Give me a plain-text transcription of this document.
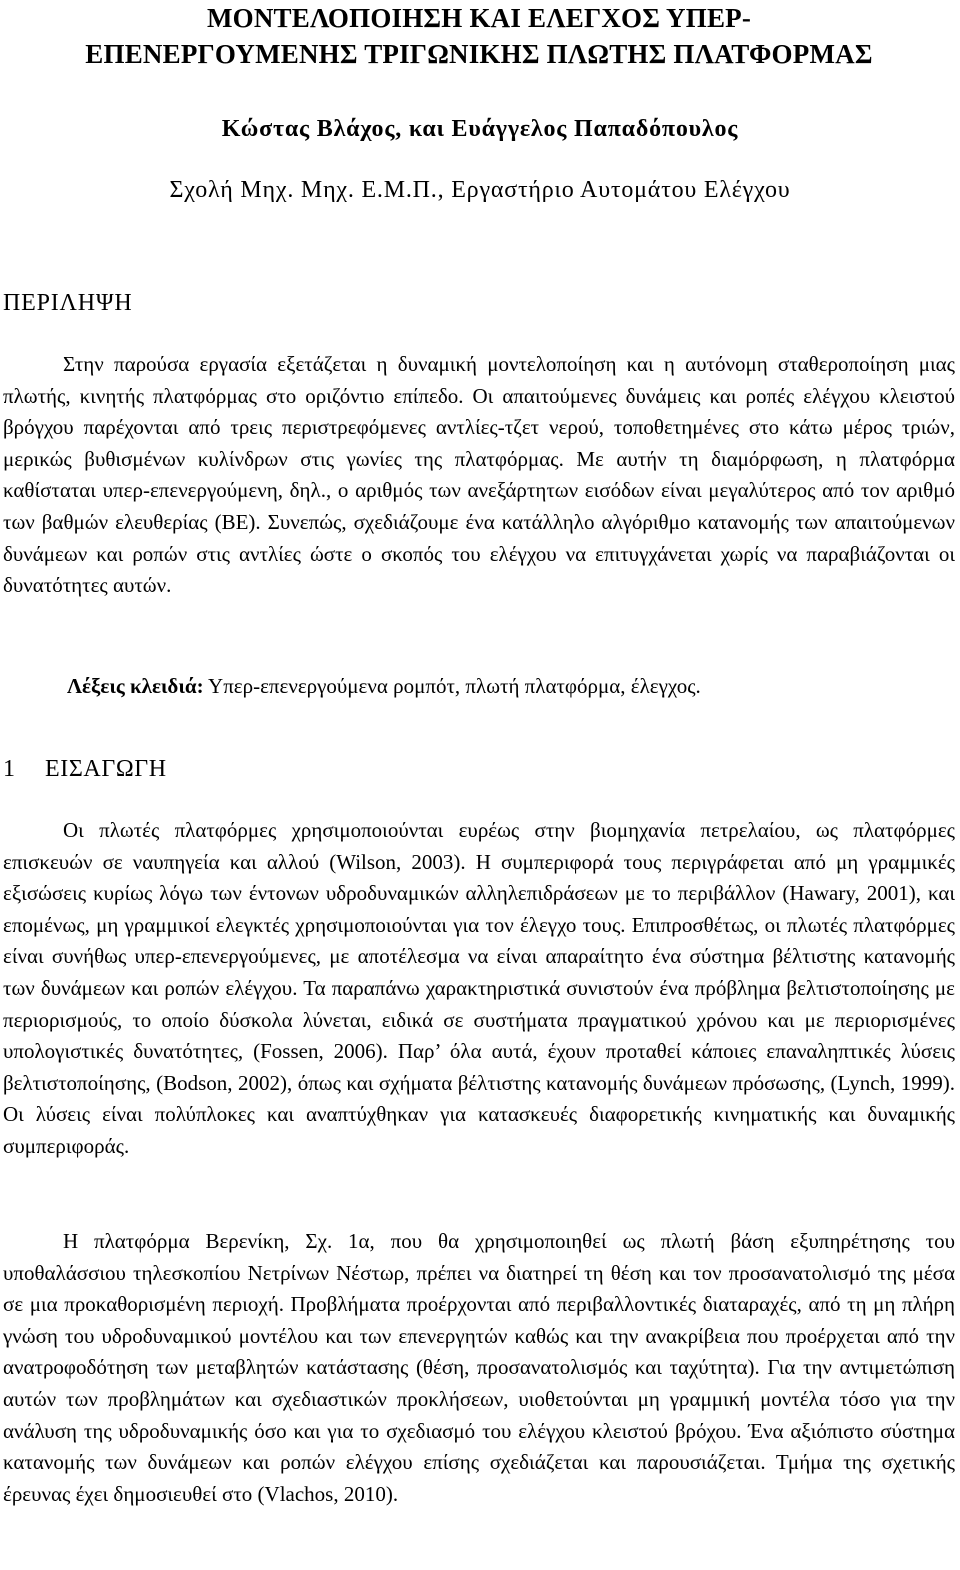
ΜΟΝΤΕΛΟΠΟΙΗΣΗ ΚΑΙ ΕΛΕΓΧΟΣ ΥΠΕΡ-
ΕΠΕΝΕΡΓΟΥΜΕΝΗΣ ΤΡΙΓΩΝΙΚΗΣ ΠΛΩΤΗΣ ΠΛΑΤΦΟΡΜΑΣ

Κώστας Βλάχος, και Ευάγγελος Παπαδόπουλος

Σχολή Μηχ. Μηχ. Ε.Μ.Π., Εργαστήριο Αυτομάτου Ελέγχου

ΠΕΡΙΛΗΨΗ

Στην παρούσα εργασία εξετάζεται η δυναμική μοντελοποίηση και η αυτόνομη σταθεροποίηση μιας πλωτής, κινητής πλατφόρμας στο οριζόντιο επίπεδο. Οι απαιτούμενες δυνάμεις και ροπές ελέγχου κλειστού βρόγχου παρέχονται από τρεις περιστρεφόμενες αντλίες-τζετ νερού, τοποθετημένες στο κάτω μέρος τριών, μερικώς βυθισμένων κυλίνδρων στις γωνίες της πλατφόρμας. Με αυτήν τη διαμόρφωση, η πλατφόρμα καθίσταται υπερ-επενεργούμενη, δηλ., ο αριθμός των ανεξάρτητων εισόδων είναι μεγαλύτερος από τον αριθμό των βαθμών ελευθερίας (ΒΕ). Συνεπώς, σχεδιάζουμε ένα κατάλληλο αλγόριθμο κατανομής των απαιτούμενων δυνάμεων και ροπών στις αντλίες ώστε ο σκοπός του ελέγχου να επιτυγχάνεται χωρίς να παραβιάζονται οι δυνατότητες αυτών.

Λέξεις κλειδιά: Υπερ-επενεργούμενα ρομπότ, πλωτή πλατφόρμα, έλεγχος.

1 ΕΙΣΑΓΩΓΗ

Οι πλωτές πλατφόρμες χρησιμοποιούνται ευρέως στην βιομηχανία πετρελαίου, ως πλατφόρμες επισκευών σε ναυπηγεία και αλλού (Wilson, 2003). Η συμπεριφορά τους περιγράφεται από μη γραμμικές εξισώσεις κυρίως λόγω των έντονων υδροδυναμικών αλληλεπιδράσεων με το περιβάλλον (Hawary, 2001), και επομένως, μη γραμμικοί ελεγκτές χρησιμοποιούνται για τον έλεγχο τους. Επιπροσθέτως, οι πλωτές πλατφόρμες είναι συνήθως υπερ-επενεργούμενες, με αποτέλεσμα να είναι απαραίτητο ένα σύστημα βέλτιστης κατανομής των δυνάμεων και ροπών ελέγχου. Τα παραπάνω χαρακτηριστικά συνιστούν ένα πρόβλημα βελτιστοποίησης με περιορισμούς, το οποίο δύσκολα λύνεται, ειδικά σε συστήματα πραγματικού χρόνου και με περιορισμένες υπολογιστικές δυνατότητες, (Fossen, 2006). Παρ’ όλα αυτά, έχουν προταθεί κάποιες επαναληπτικές λύσεις βελτιστοποίησης, (Bodson, 2002), όπως και σχήματα βέλτιστης κατανομής δυνάμεων πρόσωσης, (Lynch, 1999). Οι λύσεις είναι πολύπλοκες και αναπτύχθηκαν για κατασκευές διαφορετικής κινηματικής και δυναμικής συμπεριφοράς.

Η πλατφόρμα Βερενίκη, Σχ. 1α, που θα χρησιμοποιηθεί ως πλωτή βάση εξυπηρέτησης του υποθαλάσσιου τηλεσκοπίου Νετρίνων Νέστωρ, πρέπει να διατηρεί τη θέση και τον προσανατολισμό της μέσα σε μια προκαθορισμένη περιοχή. Προβλήματα προέρχονται από περιβαλλοντικές διαταραχές, από τη μη πλήρη γνώση του υδροδυναμικού μοντέλου και των επενεργητών καθώς και την ανακρίβεια που προέρχεται από την ανατροφοδότηση των μεταβλητών κατάστασης (θέση, προσανατολισμός και ταχύτητα). Για την αντιμετώπιση αυτών των προβλημάτων και σχεδιαστικών προκλήσεων, υιοθετούνται μη γραμμική μοντέλα τόσο για την ανάλυση της υδροδυναμικής όσο και για το σχεδιασμό του ελέγχου κλειστού βρόχου. Ένα αξιόπιστο σύστημα κατανομής των δυνάμεων και ροπών ελέγχου επίσης σχεδιάζεται και παρουσιάζεται. Τμήμα της σχετικής έρευνας έχει δημοσιευθεί στο (Vlachos, 2010).
